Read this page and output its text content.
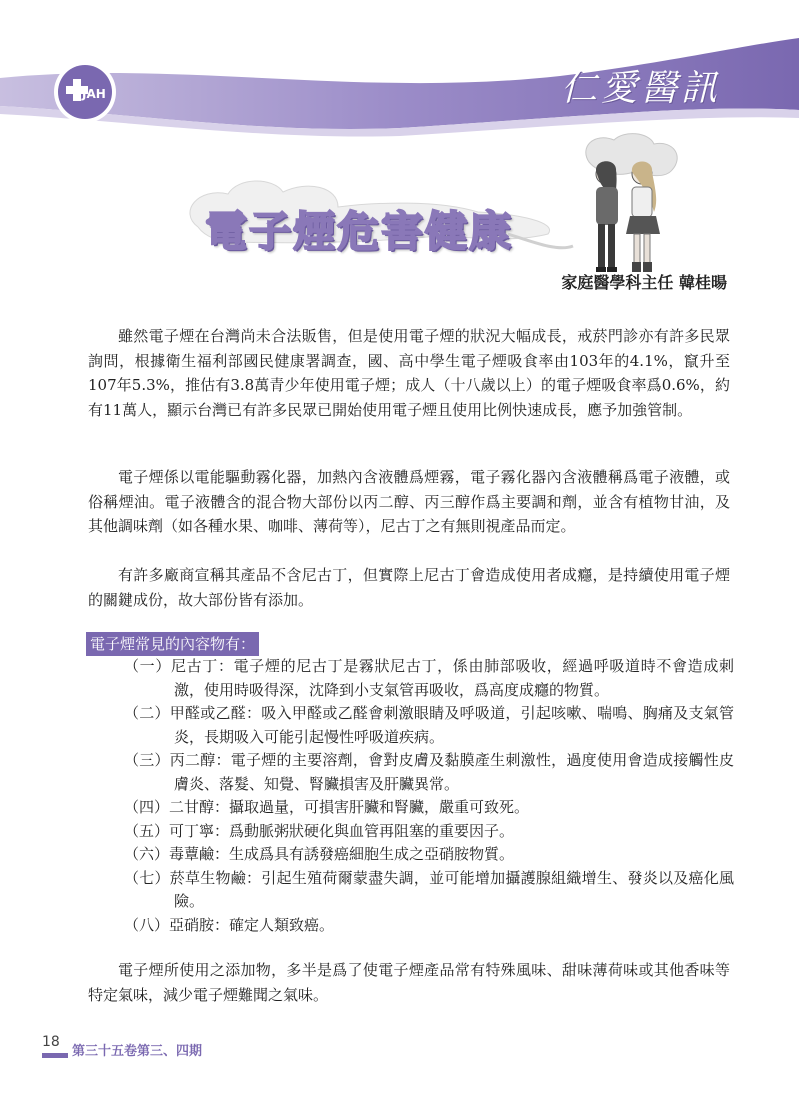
JAH	仁愛醫訊
電子煙危害健康
家庭醫學科主任 韓桂暘

雖然電子煙在台灣尚未合法販售，但是使用電子煙的狀況大幅成長，戒菸門診亦有許多民眾詢問，根據衛生福利部國民健康署調查，國、高中學生電子煙吸食率由103年的4.1%，竄升至107年5.3%，推估有3.8萬青少年使用電子煙；成人（十八歲以上）的電子煙吸食率爲0.6%，約有11萬人，顯示台灣已有許多民眾已開始使用電子煙且使用比例快速成長，應予加強管制。

電子煙係以電能驅動霧化器，加熱內含液體爲煙霧，電子霧化器內含液體稱爲電子液體，或俗稱煙油。電子液體含的混合物大部份以丙二醇、丙三醇作爲主要調和劑，並含有植物甘油，及其他調味劑（如各種水果、咖啡、薄荷等），尼古丁之有無則視產品而定。

有許多廠商宣稱其產品不含尼古丁，但實際上尼古丁會造成使用者成癮，是持續使用電子煙的關鍵成份，故大部份皆有添加。

電子煙常見的內容物有：
（一）尼古丁：電子煙的尼古丁是霧狀尼古丁，係由肺部吸收，經過呼吸道時不會造成刺激，使用時吸得深，沈降到小支氣管再吸收，爲高度成癮的物質。
（二）甲醛或乙醛：吸入甲醛或乙醛會刺激眼睛及呼吸道，引起咳嗽、喘鳴、胸痛及支氣管炎，長期吸入可能引起慢性呼吸道疾病。
（三）丙二醇：電子煙的主要溶劑，會對皮膚及黏膜產生刺激性，過度使用會造成接觸性皮膚炎、落髮、知覺、腎臟損害及肝臟異常。
（四）二甘醇：攝取過量，可損害肝臟和腎臟，嚴重可致死。
（五）可丁寧：爲動脈粥狀硬化與血管再阻塞的重要因子。
（六）毒蕈鹼：生成爲具有誘發癌細胞生成之亞硝胺物質。
（七）菸草生物鹼：引起生殖荷爾蒙盡失調，並可能增加攝護腺組織增生、發炎以及癌化風險。
（八）亞硝胺：確定人類致癌。

電子煙所使用之添加物，多半是爲了使電子煙產品常有特殊風味、甜味薄荷味或其他香味等特定氣味，減少電子煙難聞之氣味。

18
第三十五卷第三、四期
